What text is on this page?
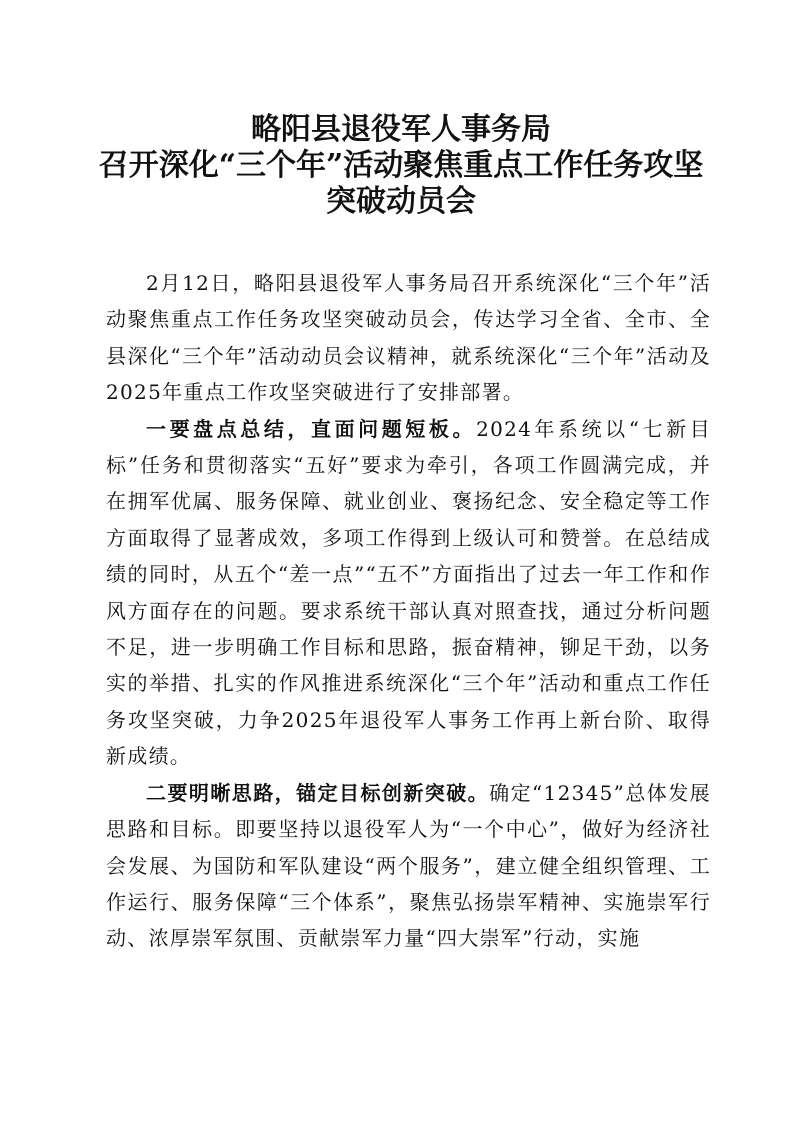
略阳县退役军人事务局
召开深化“三个年”活动聚焦重点工作任务攻坚
突破动员会

2月12日，略阳县退役军人事务局召开系统深化“三个年”活动聚焦重点工作任务攻坚突破动员会，传达学习全省、全市、全县深化“三个年”活动动员会议精神，就系统深化“三个年”活动及2025年重点工作攻坚突破进行了安排部署。

一要盘点总结，直面问题短板。2024年系统以“七新目标”任务和贯彻落实“五好”要求为牵引，各项工作圆满完成，并在拥军优属、服务保障、就业创业、褒扬纪念、安全稳定等工作方面取得了显著成效，多项工作得到上级认可和赞誉。在总结成绩的同时，从五个“差一点”“五不”方面指出了过去一年工作和作风方面存在的问题。要求系统干部认真对照查找，通过分析问题不足，进一步明确工作目标和思路，振奋精神，铆足干劲，以务实的举措、扎实的作风推进系统深化“三个年”活动和重点工作任务攻坚突破，力争2025年退役军人事务工作再上新台阶、取得新成绩。

二要明晰思路，锚定目标创新突破。确定“12345”总体发展思路和目标。即要坚持以退役军人为“一个中心”，做好为经济社会发展、为国防和军队建设“两个服务”，建立健全组织管理、工作运行、服务保障“三个体系”，聚焦弘扬崇军精神、实施崇军行动、浓厚崇军氛围、贡献崇军力量“四大崇军”行动，实施
